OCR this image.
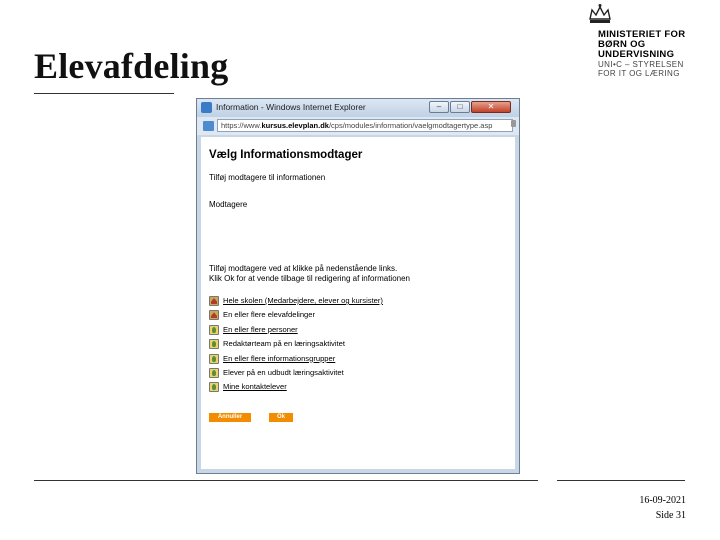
Elevafdeling
MINISTERIET FOR
BØRN OG
UNDERVISNING
UNI•C – STYRELSEN
FOR IT OG LÆRING
Information - Windows Internet Explorer	–	□	✕
https://www.kursus.elevplan.dk/cps/modules/information/vaelgmodtagertype.asp
Vælg Informationsmodtager
Tilføj modtagere til informationen
Modtagere
Tilføj modtagere ved at klikke på nedenstående links.
Klik Ok for at vende tilbage til redigering af informationen
Hele skolen (Medarbejdere, elever og kursister)
En eller flere elevafdelinger
En eller flere personer
Redaktørteam på en læringsaktivitet
En eller flere informationsgrupper
Elever på en udbudt læringsaktivitet
Mine kontaktelever
Annuller	Ok
16-09-2021
Side 31
